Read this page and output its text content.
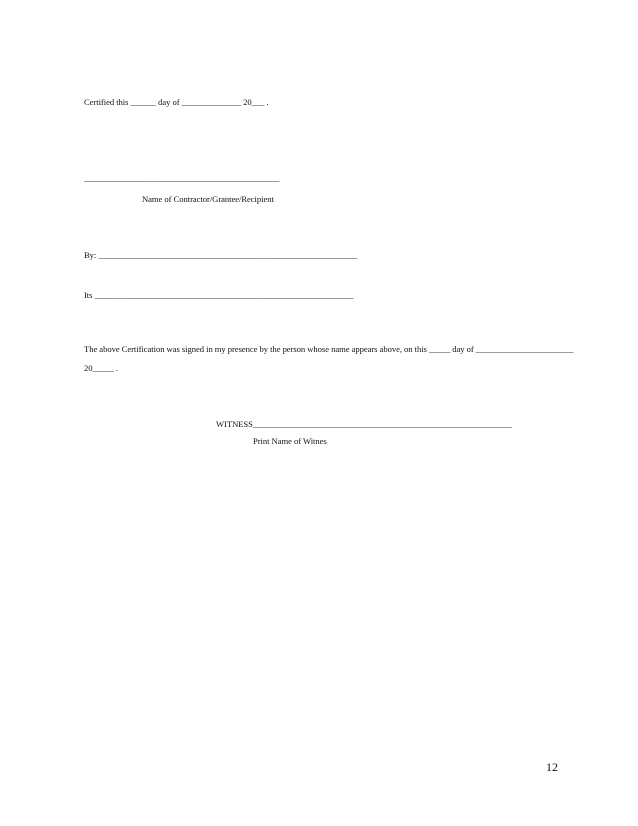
Certified this ______ day of ______________ 20___ .
______________________________________________
Name of Contractor/Grantee/Recipient
By: _____________________________________________________________
Its _____________________________________________________________
The above Certification was signed in my presence by the person whose name appears above, on this _____ day of _______________________
20_____ .
WITNESS_____________________________________________________________
Print Name of Witnes
12
